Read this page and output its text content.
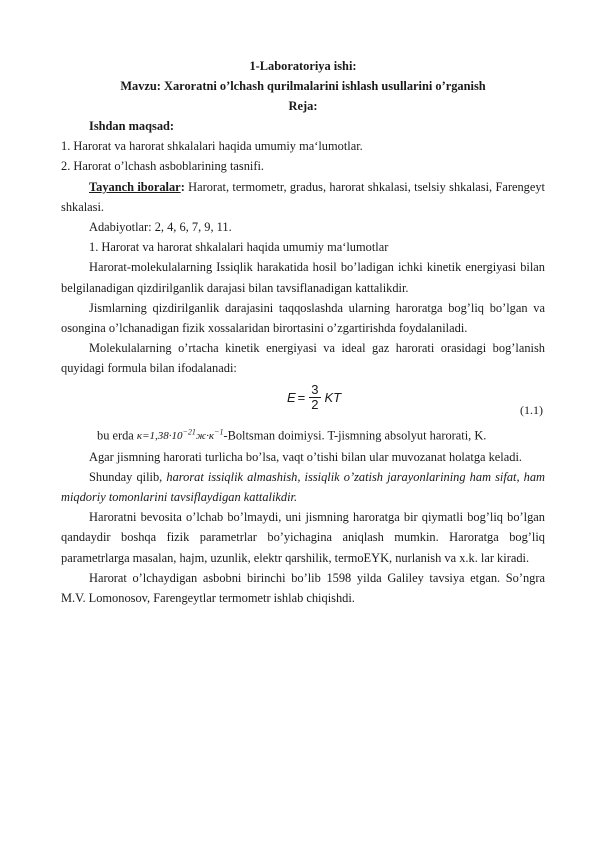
1-Laboratoriya ishi:
Mavzu: Xaroratni o’lchash qurilmalarini ishlash usullarini o’rganish
Reja:

Ishdan maqsad:

1. Harorat va harorat shkalalari haqida umumiy ma‘lumotlar.

2. Harorat o’lchash asboblarining tasnifi.

Tayanch iboralar: Harorat, termometr, gradus, harorat shkalasi, tselsiy shkalasi, Farengeyt shkalasi.

Adabiyotlar: 2, 4, 6, 7, 9, 11.

1. Harorat va harorat shkalalari haqida umumiy ma‘lumotlar

Harorat-molekulalarning Issiqlik harakatida hosil bo’ladigan ichki kinetik energiyasi bilan belgilanadigan qizdirilganlik darajasi bilan tavsiflanadigan kattalikdir.

Jismlarning qizdirilganlik darajasini taqqoslashda ularning haroratga bog’liq bo’lgan va osongina o’lchanadigan fizik xossalaridan birortasini o’zgartirishda foydalaniladi.

Molekulalarning o’rtacha kinetik energiyasi va ideal gaz harorati orasidagi bog’lanish quyidagi formula bilan ifodalanadi:

$E = \frac{3}{2}$ KT
(1.1)

bu erda $к=1,38\cdot 10^{-21}ж\cdot к^{-1}$-Boltsman doimiysi. T-jismning absolyut harorati, K.

Agar jismning harorati turlicha bo’lsa, vaqt o’tishi bilan ular muvozanat holatga keladi.

Shunday qilib, harorat issiqlik almashish, issiqlik o’zatish jarayonlarining ham sifat, ham miqdoriy tomonlarini tavsiflaydigan kattalikdir.

Haroratni bevosita o’lchab bo’lmaydi, uni jismning haroratga bir qiymatli bog’liq bo’lgan qandaydir boshqa fizik parametrlar bo’yichagina aniqlash mumkin. Haroratga bog’liq parametrlarga masalan, hajm, uzunlik, elektr qarshilik, termoEYK, nurlanish va x.k. lar kiradi.

Harorat o’lchaydigan asbobni birinchi bo’lib 1598 yilda Galiley tavsiya etgan. So’ngra M.V. Lomonosov, Farengeytlar termometr ishlab chiqishdi.
